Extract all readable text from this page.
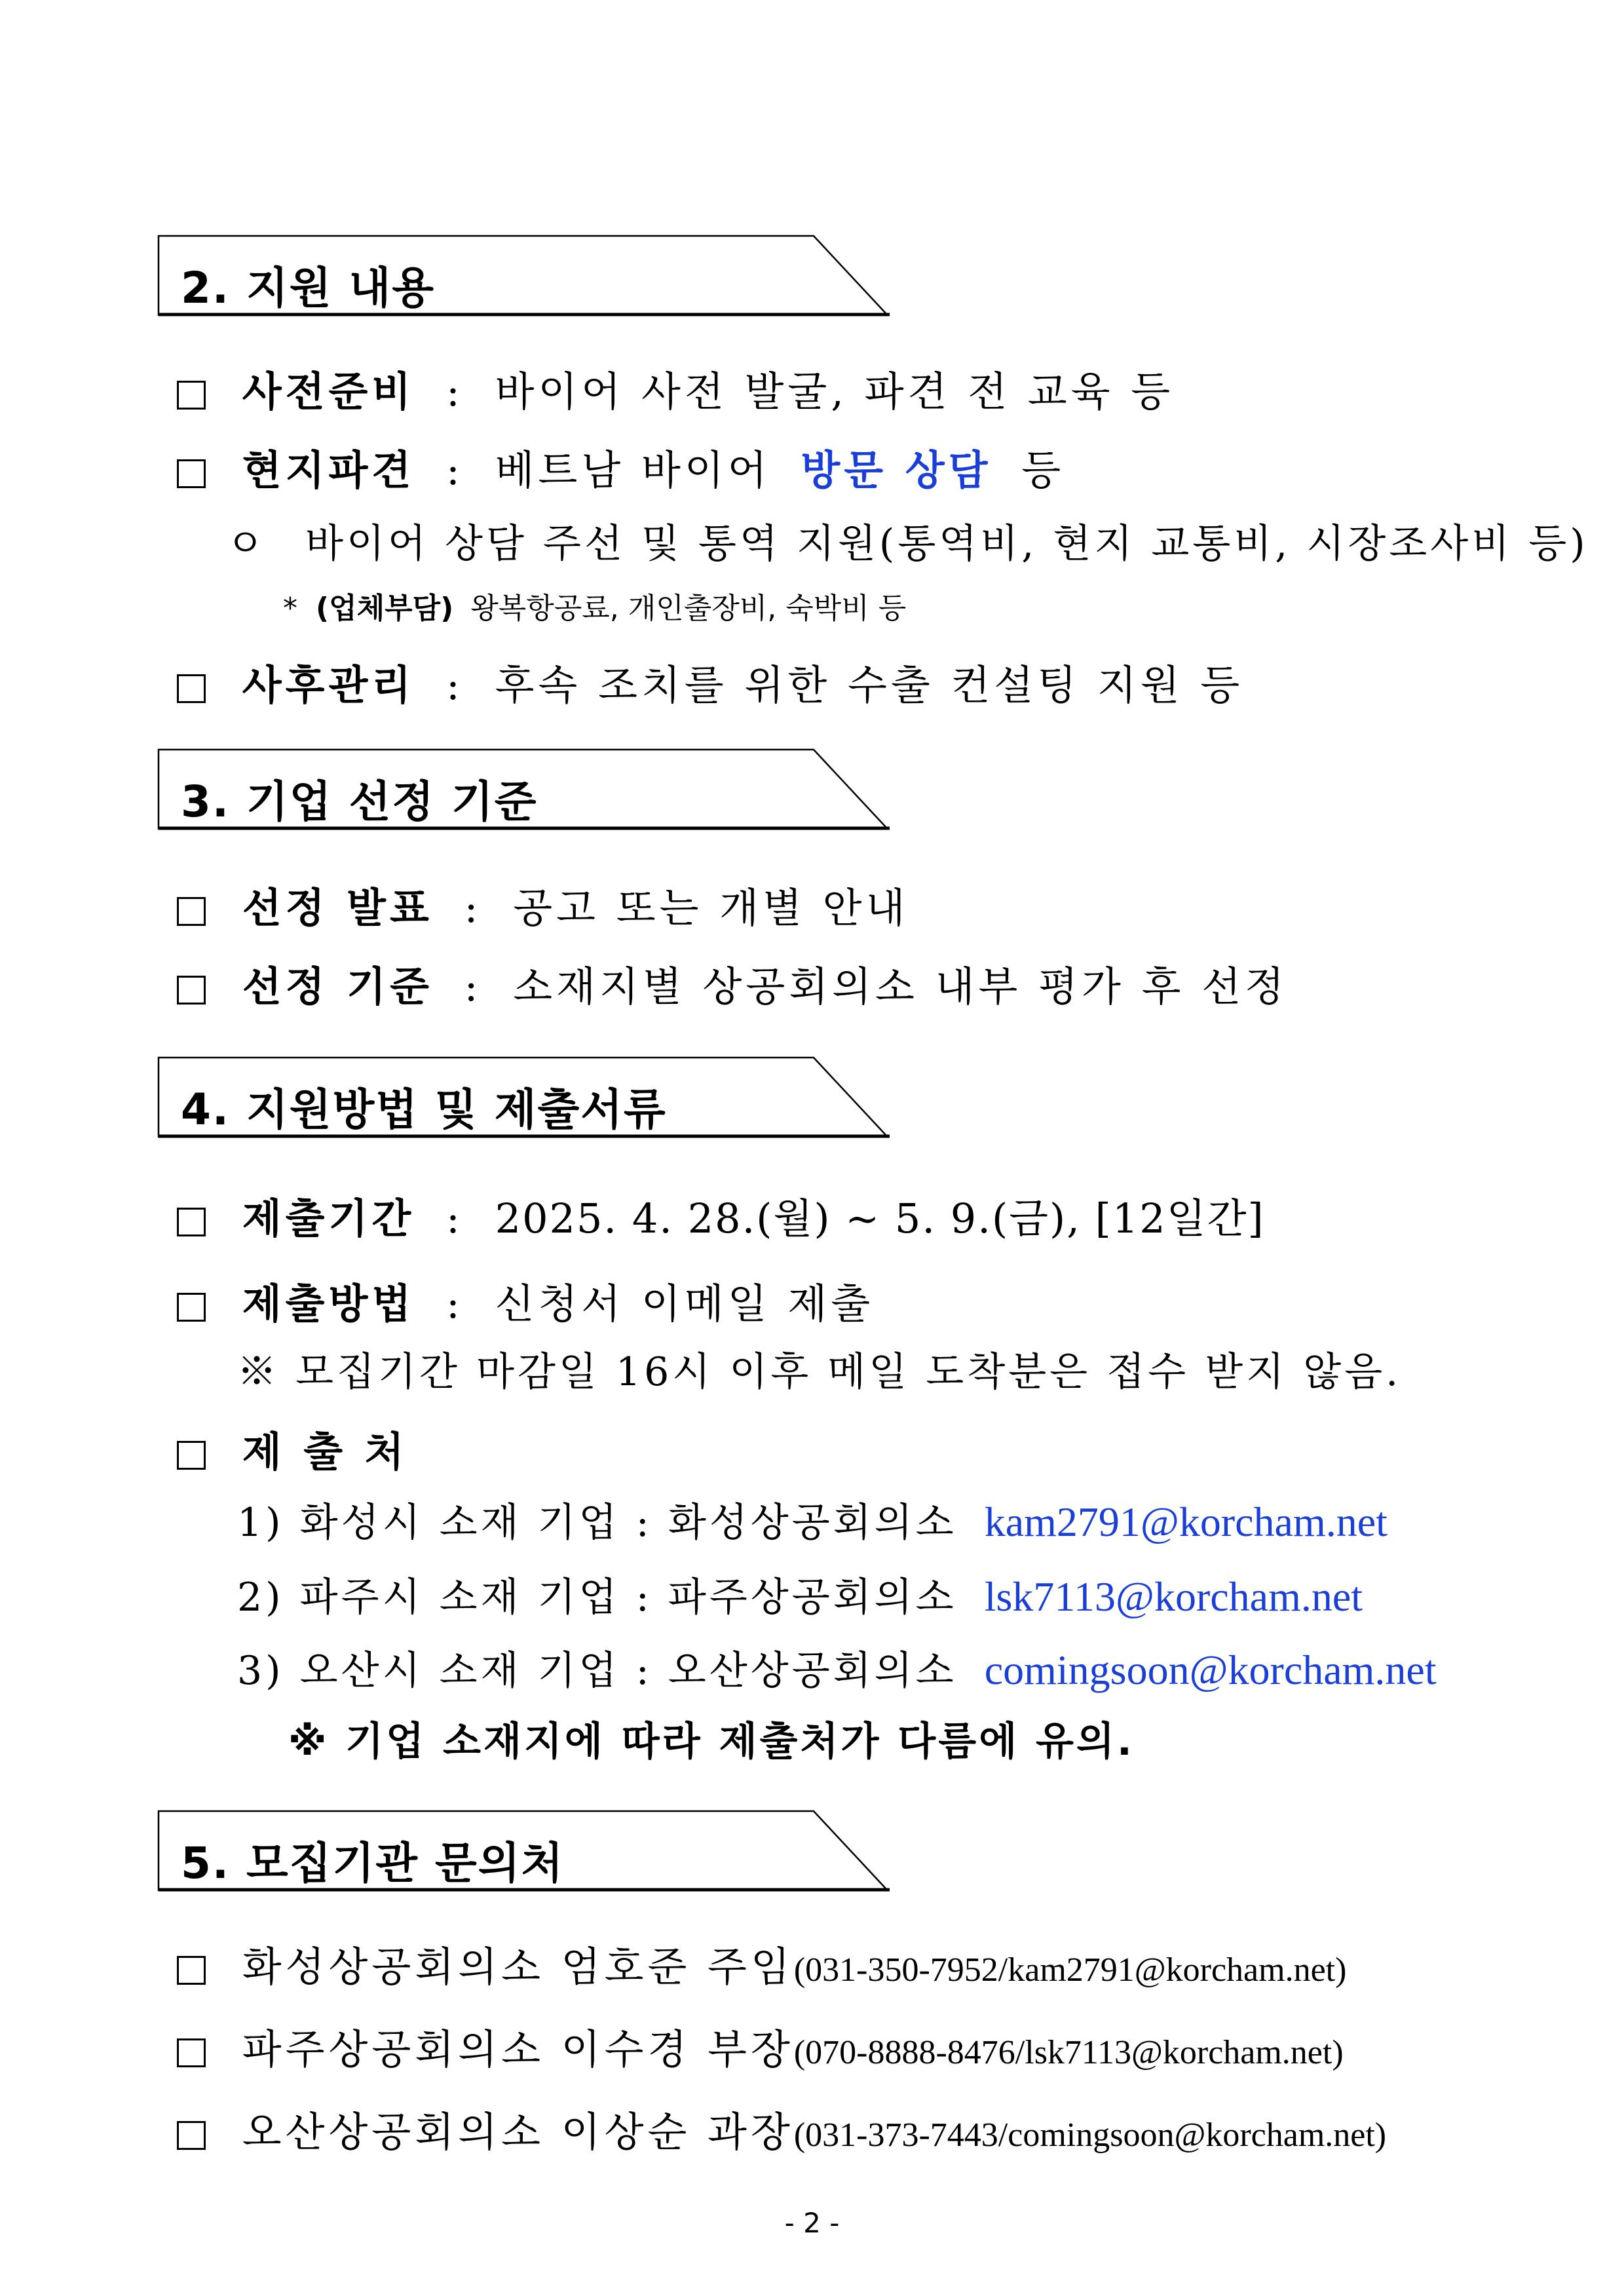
2. 지원 내용
사전준비 : 바이어 사전 발굴, 파견 전 교육 등
현지파견 : 베트남 바이어 방문 상담 등
ㅇ 바이어 상담 주선 및 통역 지원(통역비, 현지 교통비, 시장조사비 등)
* (업체부담) 왕복항공료, 개인출장비, 숙박비 등
사후관리 : 후속 조치를 위한 수출 컨설팅 지원 등
3. 기업 선정 기준
선정 발표 : 공고 또는 개별 안내
선정 기준 : 소재지별 상공회의소 내부 평가 후 선정
4. 지원방법 및 제출서류
제출기간 : 2025. 4. 28.(월) ~ 5. 9.(금), [12일간]
제출방법 : 신청서 이메일 제출
※ 모집기간 마감일 16시 이후 메일 도착분은 접수 받지 않음.
제 출 처
1) 화성시 소재 기업 : 화성상공회의소 kam2791@korcham.net
2) 파주시 소재 기업 : 파주상공회의소 lsk7113@korcham.net
3) 오산시 소재 기업 : 오산상공회의소 comingsoon@korcham.net
※ 기업 소재지에 따라 제출처가 다름에 유의.
5. 모집기관 문의처
화성상공회의소 엄호준 주임(031-350-7952/kam2791@korcham.net)
파주상공회의소 이수경 부장(070-8888-8476/lsk7113@korcham.net)
오산상공회의소 이상순 과장(031-373-7443/comingsoon@korcham.net)
- 2 -
